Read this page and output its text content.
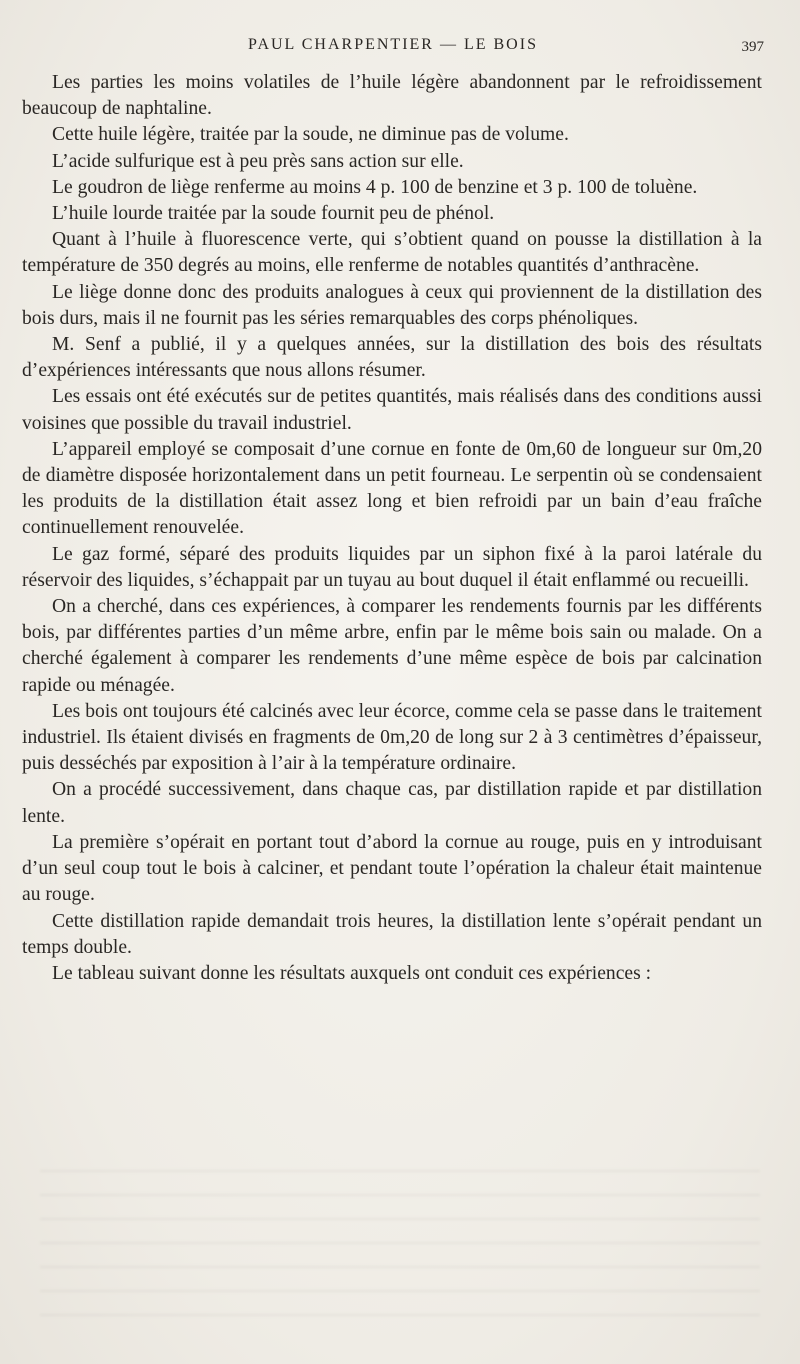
PAUL CHARPENTIER — LE BOIS	397

Les parties les moins volatiles de l’huile légère abandonnent par le refroidissement beaucoup de naphtaline.

Cette huile légère, traitée par la soude, ne diminue pas de volume.

L’acide sulfurique est à peu près sans action sur elle.

Le goudron de liège renferme au moins 4 p. 100 de benzine et 3 p. 100 de toluène.

L’huile lourde traitée par la soude fournit peu de phénol.

Quant à l’huile à fluorescence verte, qui s’obtient quand on pousse la distillation à la température de 350 degrés au moins, elle renferme de notables quantités d’anthracène.

Le liège donne donc des produits analogues à ceux qui proviennent de la distillation des bois durs, mais il ne fournit pas les séries remarquables des corps phénoliques.

M. Senf a publié, il y a quelques années, sur la distillation des bois des résultats d’expériences intéressants que nous allons résumer.

Les essais ont été exécutés sur de petites quantités, mais réalisés dans des conditions aussi voisines que possible du travail industriel.

L’appareil employé se composait d’une cornue en fonte de 0m,60 de longueur sur 0m,20 de diamètre disposée horizontalement dans un petit fourneau. Le serpentin où se condensaient les produits de la distillation était assez long et bien refroidi par un bain d’eau fraîche continuellement renouvelée.

Le gaz formé, séparé des produits liquides par un siphon fixé à la paroi latérale du réservoir des liquides, s’échappait par un tuyau au bout duquel il était enflammé ou recueilli.

On a cherché, dans ces expériences, à comparer les rendements fournis par les différents bois, par différentes parties d’un même arbre, enfin par le même bois sain ou malade. On a cherché également à comparer les rendements d’une même espèce de bois par calcination rapide ou ménagée.

Les bois ont toujours été calcinés avec leur écorce, comme cela se passe dans le traitement industriel. Ils étaient divisés en fragments de 0m,20 de long sur 2 à 3 centimètres d’épaisseur, puis desséchés par exposition à l’air à la température ordinaire.

On a procédé successivement, dans chaque cas, par distillation rapide et par distillation lente.

La première s’opérait en portant tout d’abord la cornue au rouge, puis en y introduisant d’un seul coup tout le bois à calciner, et pendant toute l’opération la chaleur était maintenue au rouge.

Cette distillation rapide demandait trois heures, la distillation lente s’opérait pendant un temps double.

Le tableau suivant donne les résultats auxquels ont conduit ces expériences :
